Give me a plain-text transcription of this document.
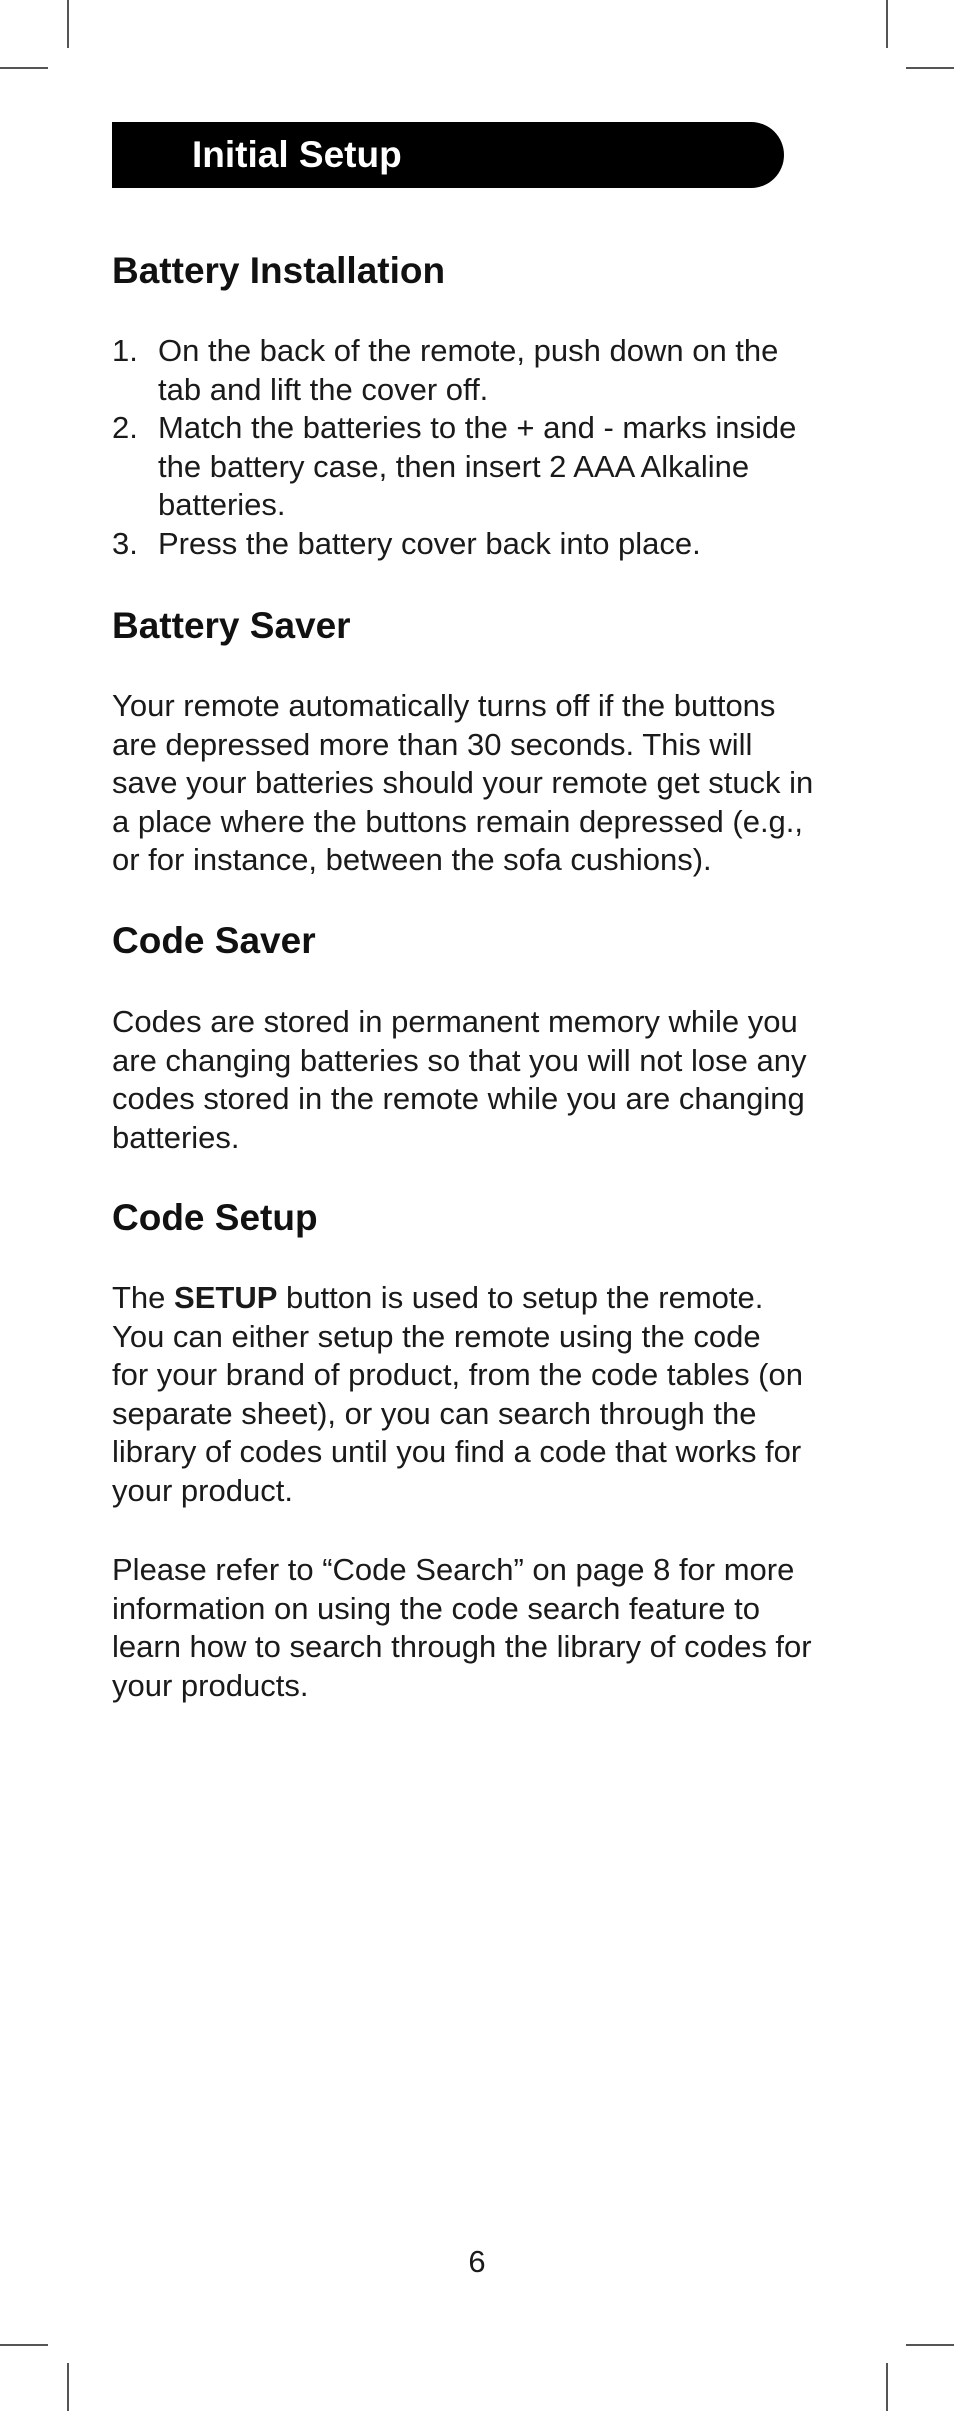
Initial Setup
Battery Installation
1. On the back of the remote, push down on the
tab and lift the cover off.
2. Match the batteries to the + and - marks inside
the battery case, then insert 2 AAA Alkaline
batteries.
3. Press the battery cover back into place.
Battery Saver

Your remote automatically turns off if the buttons
are depressed more than 30 seconds. This will
save your batteries should your remote get stuck in
a place where the buttons remain depressed (e.g.,
or for instance, between the sofa cushions).

Code Saver

Codes are stored in permanent memory while you
are changing batteries so that you will not lose any
codes stored in the remote while you are changing
batteries.

Code Setup

The SETUP button is used to setup the remote.
You can either setup the remote using the code
for your brand of product, from the code tables (on
separate sheet), or you can search through the
library of codes until you find a code that works for
your product.

Please refer to “Code Search” on page 8 for more
information on using the code search feature to
learn how to search through the library of codes for
your products.

6
